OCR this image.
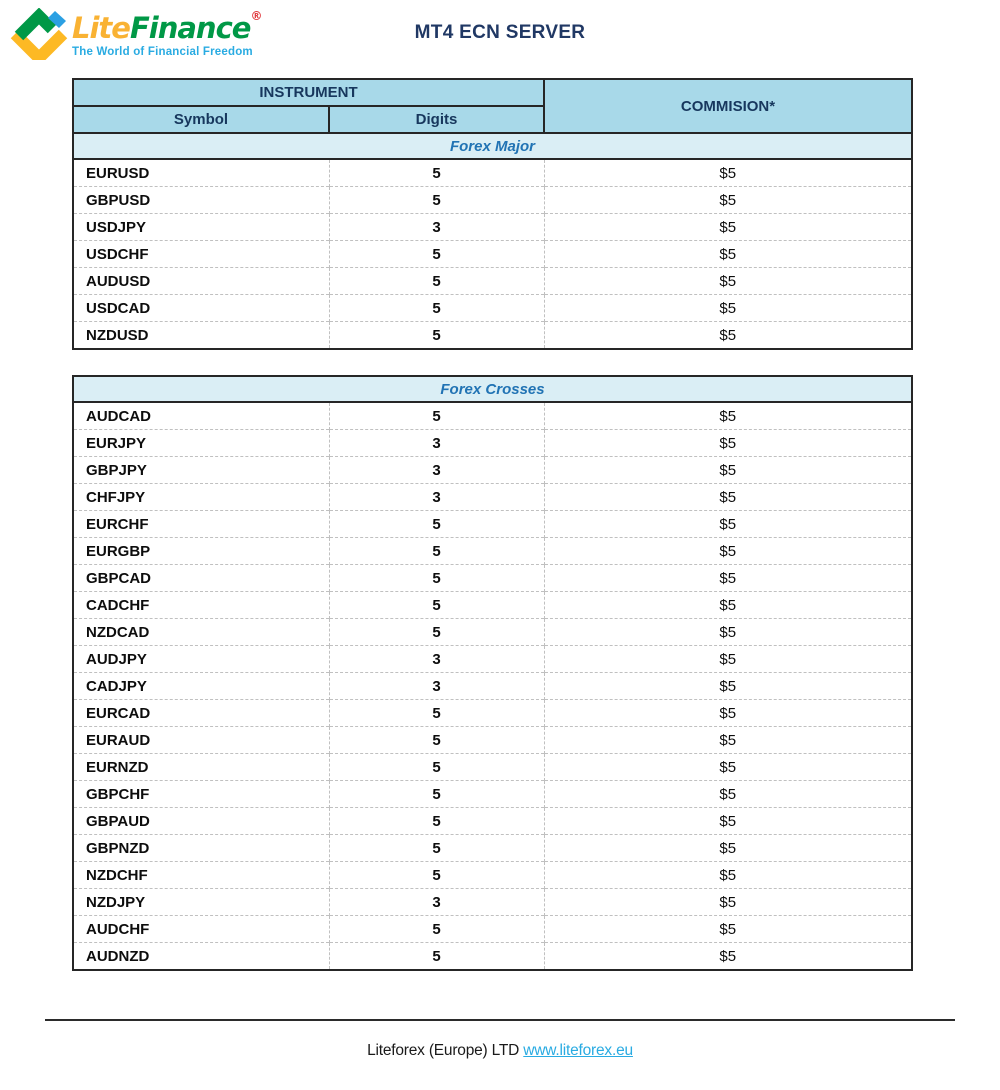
LiteFinance®
The World of Financial Freedom
MT4 ECN SERVER
INSTRUMENT		COMMISION*
Symbol	Digits	
Forex Major		
EURUSD	5	$5
GBPUSD	5	$5
USDJPY	3	$5
USDCHF	5	$5
AUDUSD	5	$5
USDCAD	5	$5
NZDUSD	5	$5
Forex Crosses		
AUDCAD	5	$5
EURJPY	3	$5
GBPJPY	3	$5
CHFJPY	3	$5
EURCHF	5	$5
EURGBP	5	$5
GBPCAD	5	$5
CADCHF	5	$5
NZDCAD	5	$5
AUDJPY	3	$5
CADJPY	3	$5
EURCAD	5	$5
EURAUD	5	$5
EURNZD	5	$5
GBPCHF	5	$5
GBPAUD	5	$5
GBPNZD	5	$5
NZDCHF	5	$5
NZDJPY	3	$5
AUDCHF	5	$5
AUDNZD	5	$5
Liteforex (Europe) LTD www.liteforex.eu
